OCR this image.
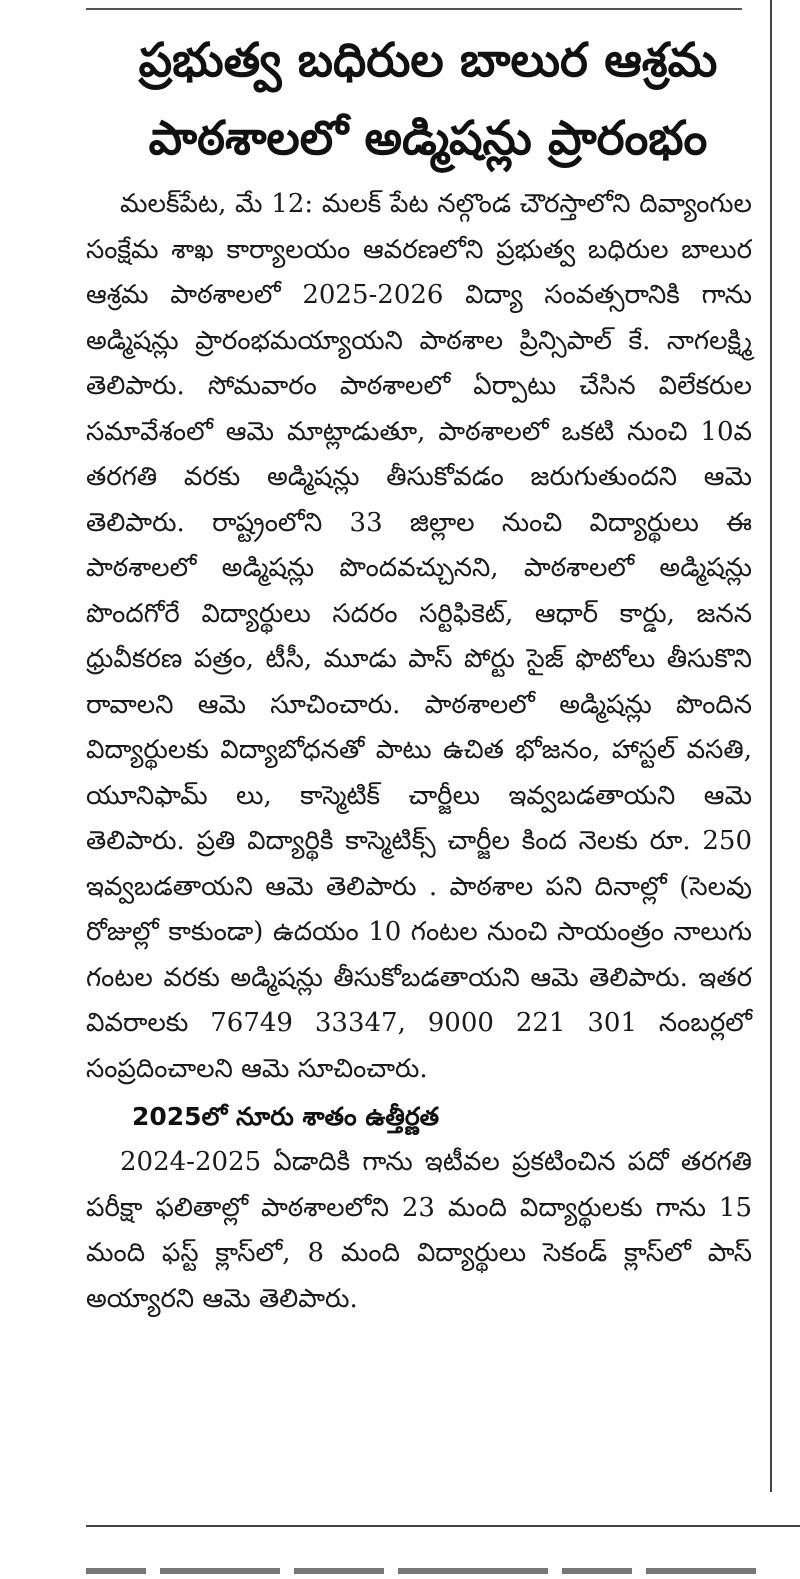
ప్రభుత్వ బధిరుల బాలుర ఆశ్రమ
పాఠశాలలో అడ్మిషన్లు ప్రారంభం

మలక్‌పేట, మే 12: మలక్ పేట నల్గొండ చౌరస్తాలోని దివ్యాంగుల సంక్షేమ శాఖ కార్యాలయం ఆవరణలోని ప్రభుత్వ బధిరుల బాలుర ఆశ్రమ పాఠశాలలో 2025-2026 విద్యా సంవత్సరానికి గాను అడ్మిషన్లు ప్రారంభమయ్యాయని పాఠశాల ప్రిన్సిపాల్ కే. నాగలక్ష్మి తెలిపారు. సోమవారం పాఠశాలలో ఏర్పాటు చేసిన విలేకరుల సమావేశంలో ఆమె మాట్లాడుతూ, పాఠశాలలో ఒకటి నుంచి 10వ తరగతి వరకు అడ్మిషన్లు తీసుకోవడం జరుగుతుందని ఆమె తెలిపారు. రాష్ట్రంలోని 33 జిల్లాల నుంచి విద్యార్థులు ఈ పాఠశాలలో అడ్మిషన్లు పొందవచ్చునని, పాఠశాలలో అడ్మిషన్లు పొందగోరే విద్యార్థులు సదరం సర్టిఫికెట్, ఆధార్ కార్డు, జనన ధ్రువీకరణ పత్రం, టీసీ, మూడు పాస్ పోర్టు సైజ్ ఫొటోలు తీసుకొని రావాలని ఆమె సూచించారు. పాఠశాలలో అడ్మిషన్లు పొందిన విద్యార్థులకు విద్యాబోధనతో పాటు ఉచిత భోజనం, హాస్టల్ వసతి, యూనిఫామ్ లు, కాస్మెటిక్ చార్జీలు ఇవ్వబడతాయని ఆమె తెలిపారు. ప్రతి విద్యార్థికి కాస్మెటిక్స్ చార్జీల కింద నెలకు రూ. 250 ఇవ్వబడతాయని ఆమె తెలిపారు . పాఠశాల పని దినాల్లో (సెలవు రోజుల్లో కాకుండా) ఉదయం 10 గంటల నుంచి సాయంత్రం నాలుగు గంటల వరకు అడ్మిషన్లు తీసుకోబడతాయని ఆమె తెలిపారు. ఇతర వివరాలకు 76749 33347, 9000 221 301 నంబర్లలో సంప్రదించాలని ఆమె సూచించారు.

2025లో నూరు శాతం ఉత్తీర్ణత

2024-2025 ఏడాదికి గాను ఇటీవల ప్రకటించిన పదో తరగతి పరీక్షా ఫలితాల్లో పాఠశాలలోని 23 మంది విద్యార్థులకు గాను 15 మంది ఫస్ట్ క్లాస్‌లో, 8 మంది విద్యార్థులు సెకండ్ క్లాస్‌లో పాస్ అయ్యారని ఆమె తెలిపారు.
